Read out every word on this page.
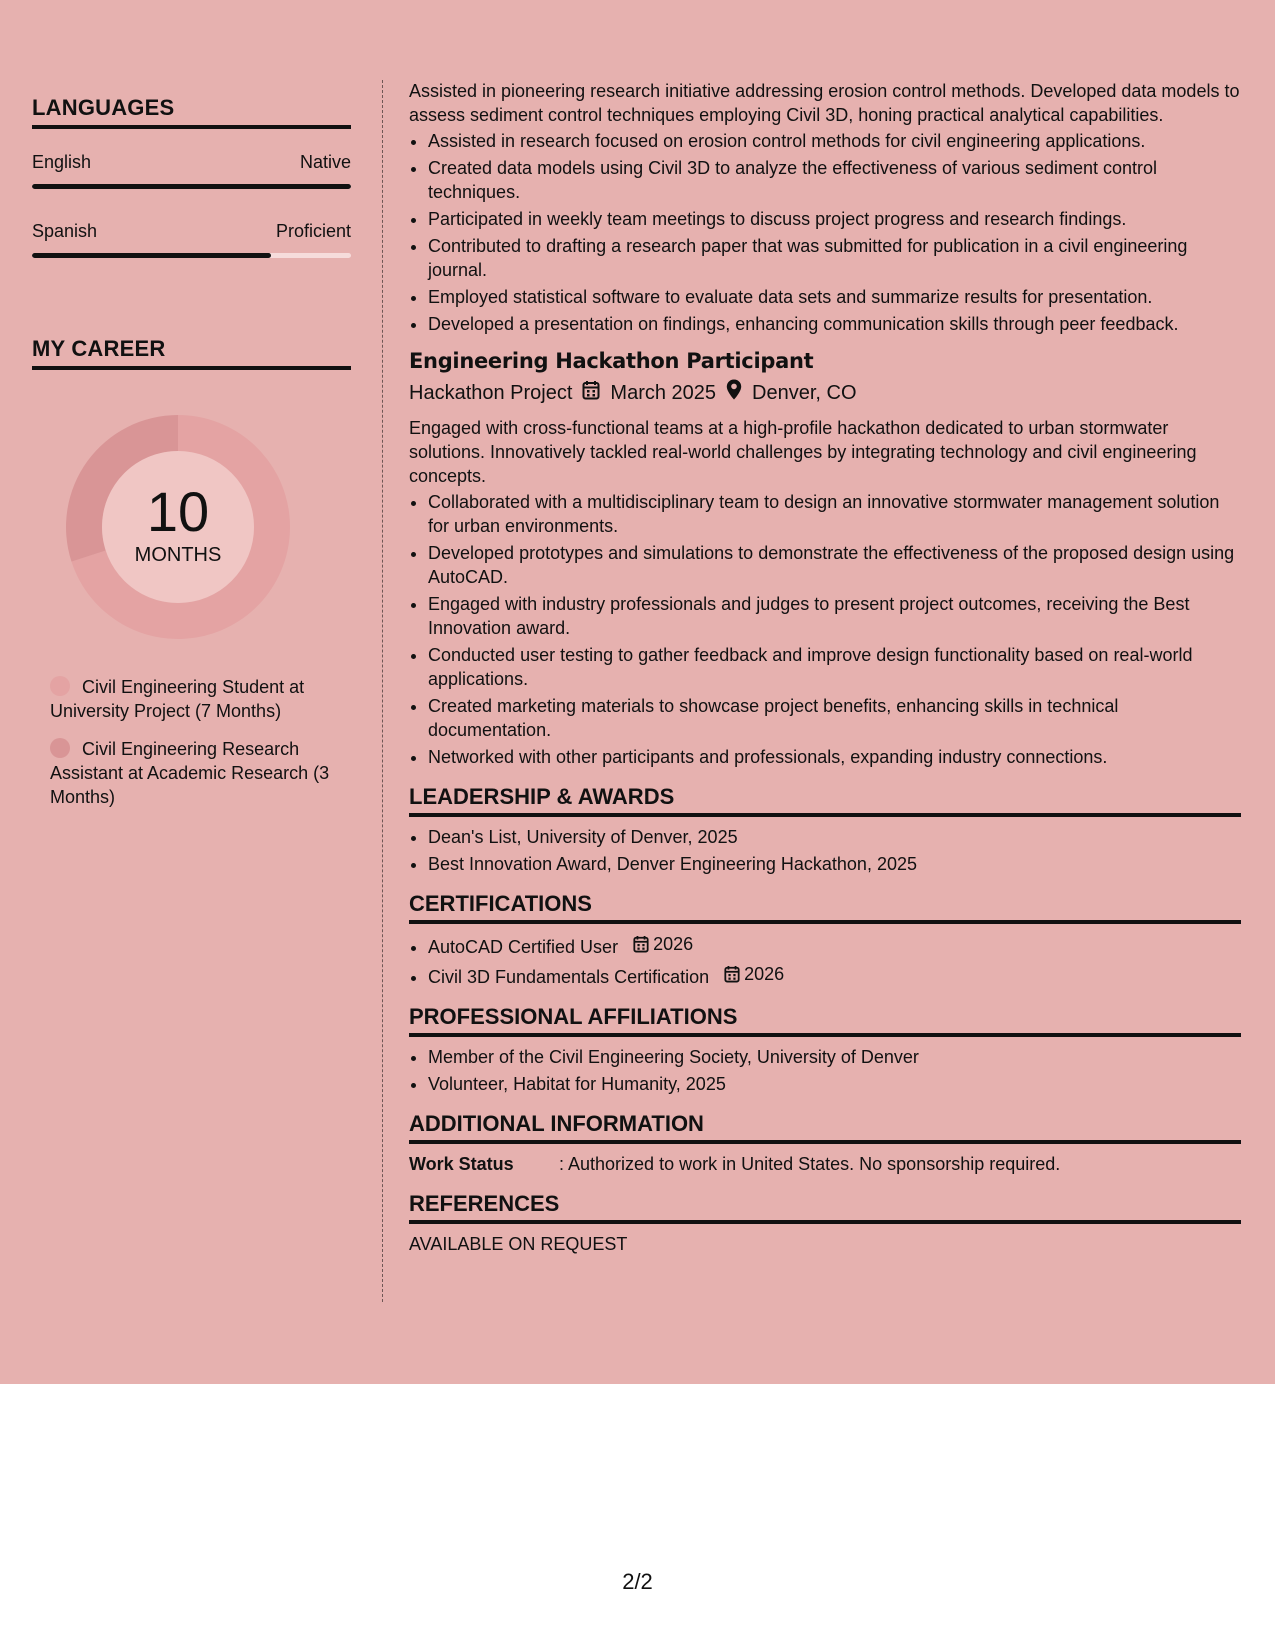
LANGUAGES
English	Native
Spanish	Proficient
MY CAREER
10
MONTHS
Civil Engineering Student at University Project (7 Months)
Civil Engineering Research Assistant at Academic Research (3 Months)

Assisted in pioneering research initiative addressing erosion control methods. Developed data models to assess sediment control techniques employing Civil 3D, honing practical analytical capabilities.

• Assisted in research focused on erosion control methods for civil engineering applications.
• Created data models using Civil 3D to analyze the effectiveness of various sediment control techniques.
• Participated in weekly team meetings to discuss project progress and research findings.
• Contributed to drafting a research paper that was submitted for publication in a civil engineering journal.
• Employed statistical software to evaluate data sets and summarize results for presentation.
• Developed a presentation on findings, enhancing communication skills through peer feedback.
Engineering Hackathon Participant
Hackathon Project March 2025 Denver, CO

Engaged with cross-functional teams at a high-profile hackathon dedicated to urban stormwater solutions. Innovatively tackled real-world challenges by integrating technology and civil engineering concepts.

• Collaborated with a multidisciplinary team to design an innovative stormwater management solution for urban environments.
• Developed prototypes and simulations to demonstrate the effectiveness of the proposed design using AutoCAD.
• Engaged with industry professionals and judges to present project outcomes, receiving the Best Innovation award.
• Conducted user testing to gather feedback and improve design functionality based on real-world applications.
• Created marketing materials to showcase project benefits, enhancing skills in technical documentation.
• Networked with other participants and professionals, expanding industry connections.
LEADERSHIP & AWARDS
• Dean's List, University of Denver, 2025
• Best Innovation Award, Denver Engineering Hackathon, 2025
CERTIFICATIONS
• AutoCAD Certified User 2026
• Civil 3D Fundamentals Certification 2026
PROFESSIONAL AFFILIATIONS
• Member of the Civil Engineering Society, University of Denver
• Volunteer, Habitat for Humanity, 2025
ADDITIONAL INFORMATION
Work Status	: Authorized to work in United States. No sponsorship required.
REFERENCES

AVAILABLE ON REQUEST

2/2
